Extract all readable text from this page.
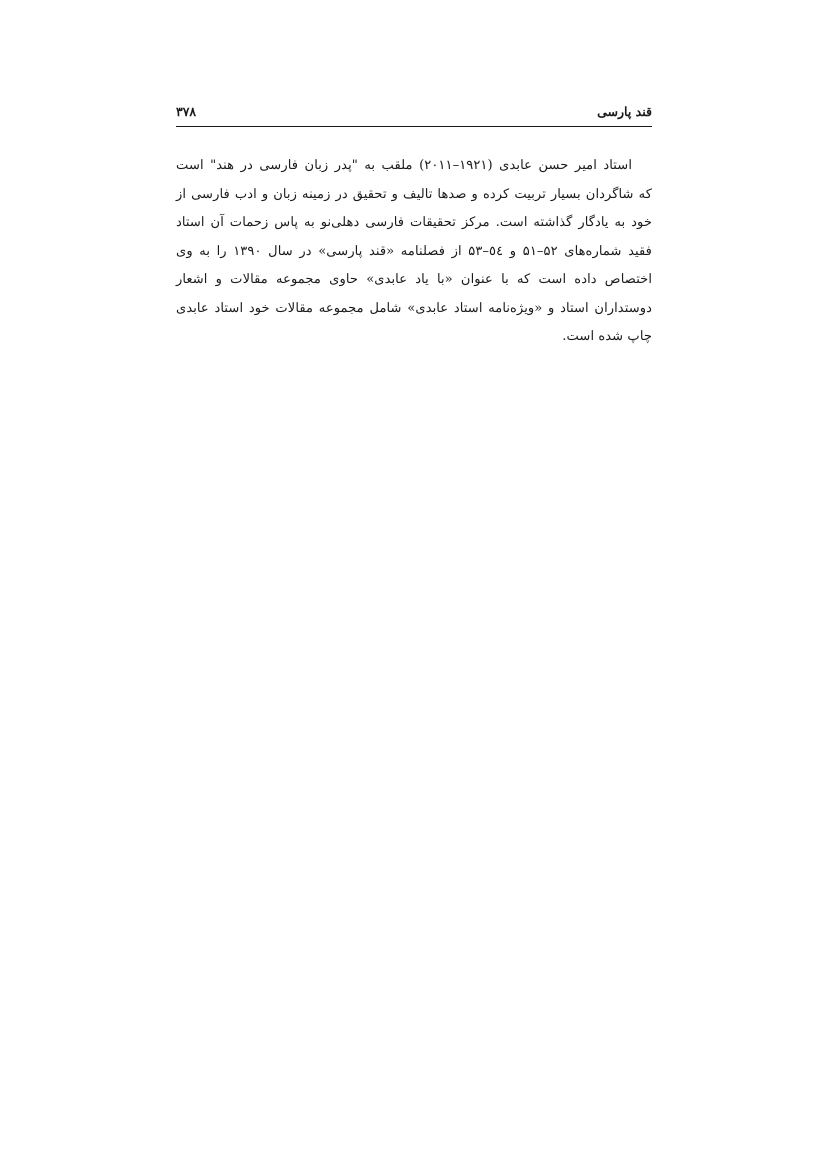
قند پارسی
۳۷۸
استاد امیر حسن عابدی (۱۹۲۱–۲۰۱۱) ملقب به "پدر زبان فارسی در هند" است
که شاگردان بسیار تربیت کرده و صدها تالیف و تحقیق در زمینه زبان و ادب فارسی از
خود به یادگار گذاشته است. مرکز تحقیقات فارسی دهلی‌نو به پاس زحمات آن استاد
فقید شماره‌های ۵۲–۵۱ و ٥٤–۵۳ از فصلنامه «قند پارسی» در سال ۱۳۹۰ را به وی
اختصاص داده است که با عنوان «با یاد عابدی» حاوی مجموعه مقالات و اشعار
دوستداران استاد و «ویژه‌نامه استاد عابدی» شامل مجموعه مقالات خود استاد عابدی
چاپ شده است.
